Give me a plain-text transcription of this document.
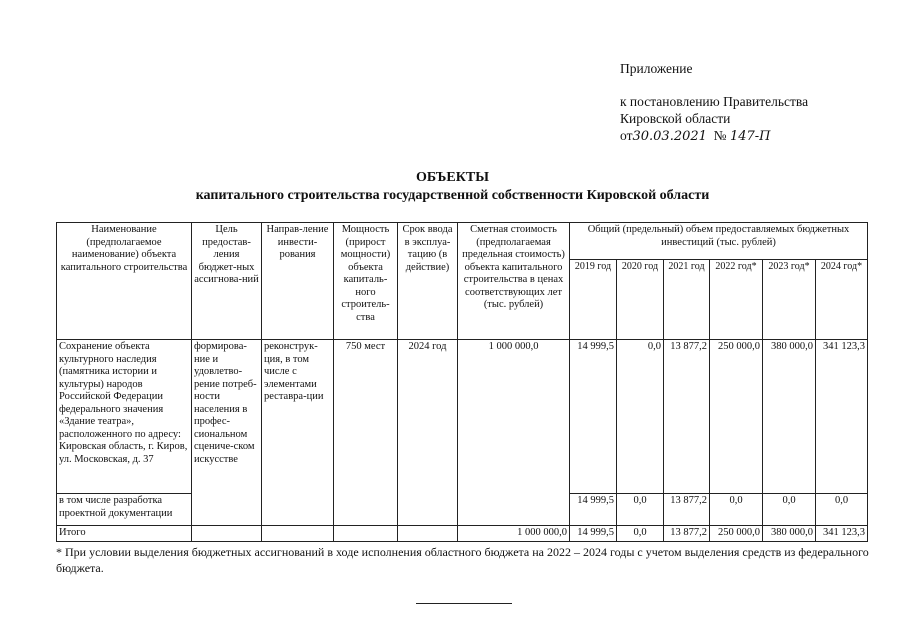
Приложение
к постановлению Правительства
Кировской области
от30.03.2021 № 147-П
ОБЪЕКТЫ
капитального строительства государственной собственности Кировской области
Наименование (предполагаемое наименование) объекта капитального строительства	Цель предостав-ления бюджет-ных ассигнова-ний	Направ-ление инвести-рования	Мощность (прирост мощности) объекта капиталь-ного строитель-ства	Срок ввода в эксплуа-тацию (в действие)	Сметная стоимость (предполагаемая предельная стоимость) объекта капитального строительства в ценах соответствующих лет (тыс. рублей)	Общий (предельный) объем предоставляемых бюджетных инвестиций (тыс. рублей)					
						2019 год	2020 год	2021 год	2022 год*	2023 год*	2024 год*
Сохранение объекта культурного наследия (памятника истории и культуры) народов Российской Федерации федерального значения «Здание театра», расположенного по адресу: Кировская область, г. Киров, ул. Московская, д. 37	формирова-ние и удовлетво-рение потреб-ности населения в профес-сиональном сцениче-ском искусстве	реконструк-ция, в том числе с элементами реставра-ции	750 мест	2024 год	1 000 000,0	14 999,5	0,0	13 877,2	250 000,0	380 000,0	341 123,3
в том числе разработка проектной документации						14 999,5	0,0	13 877,2	0,0	0,0	0,0
Итого					1 000 000,0	14 999,5	0,0	13 877,2	250 000,0	380 000,0	341 123,3
* При условии выделения бюджетных ассигнований в ходе исполнения областного бюджета на 2022 – 2024 годы с учетом выделения средств из федерального бюджета.
